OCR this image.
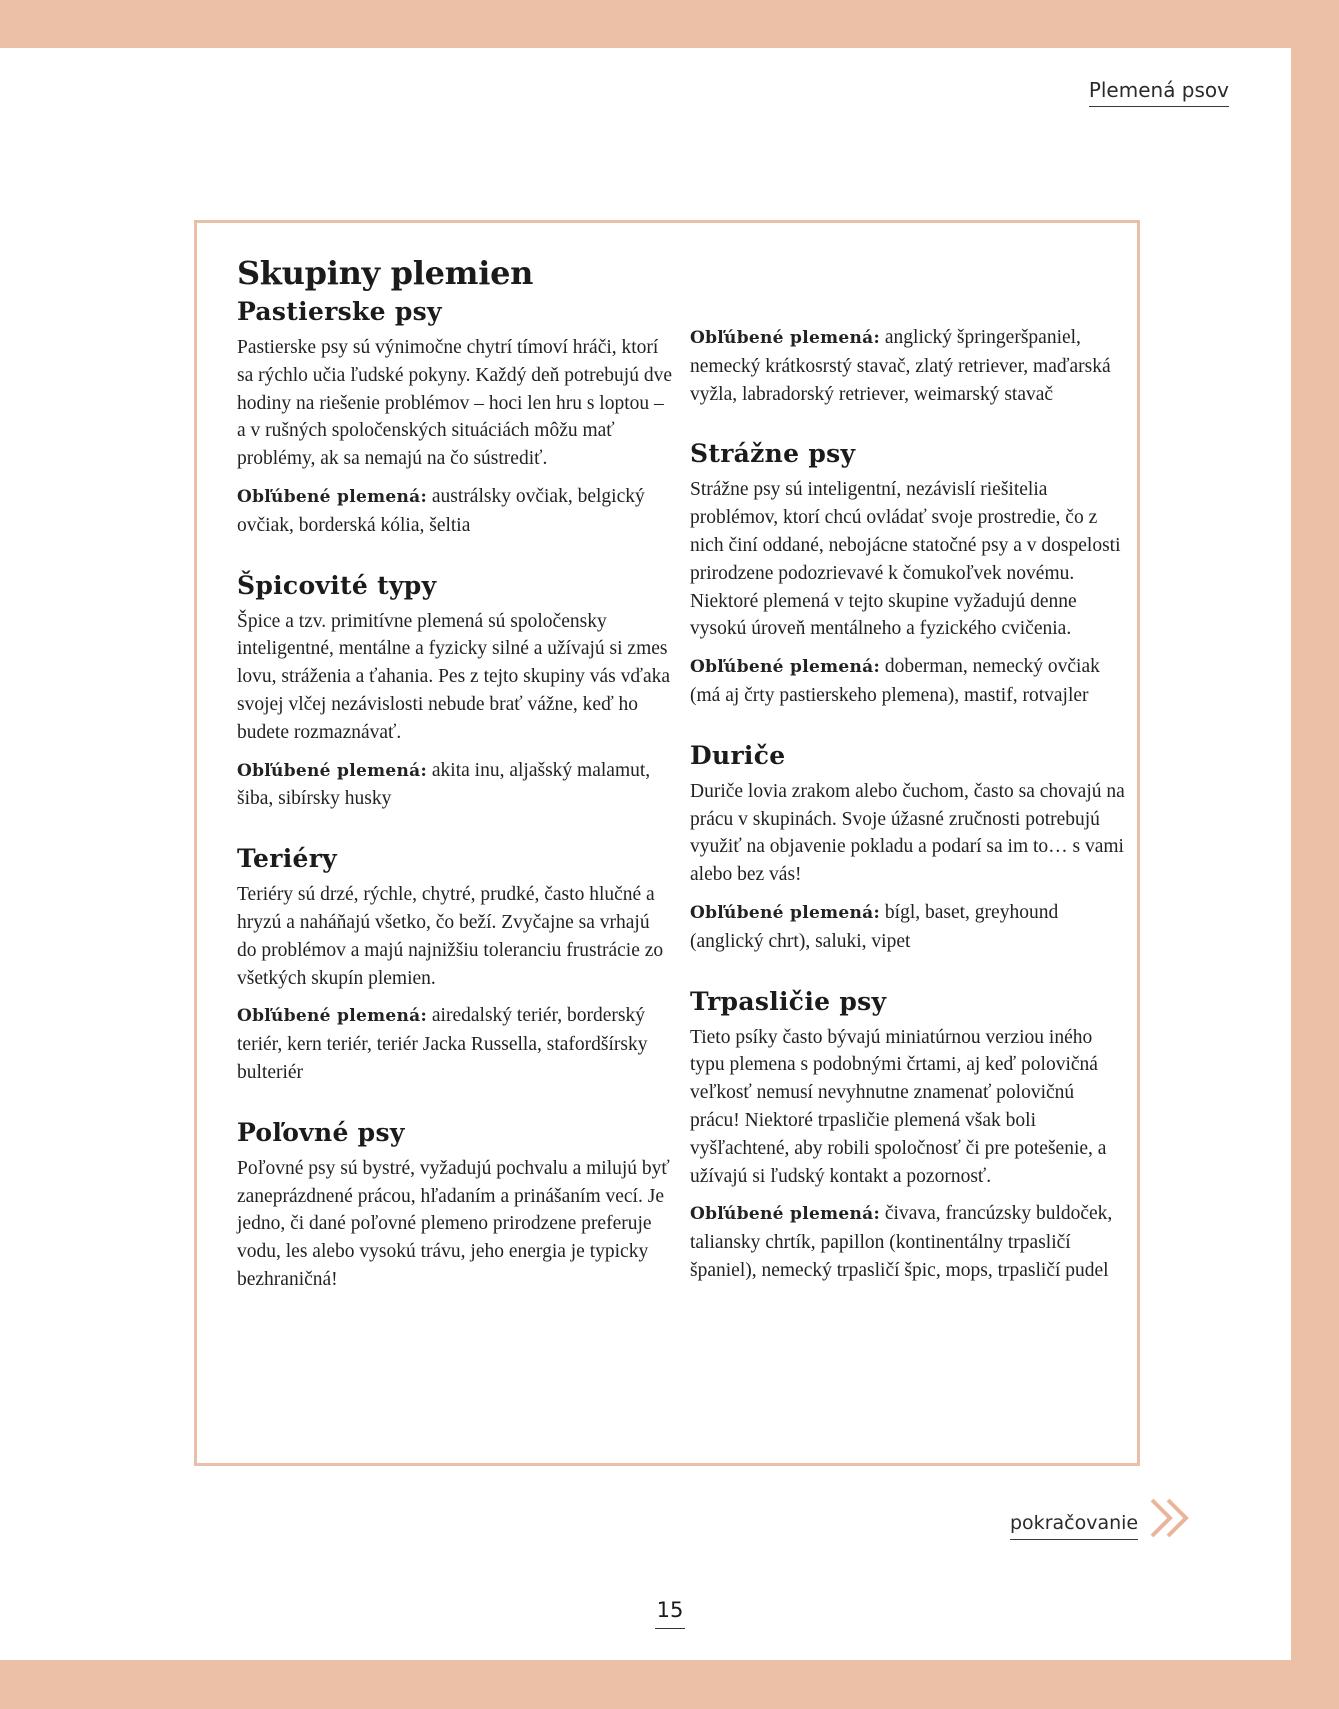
Plemená psov
Skupiny plemien
Pastierske psy

Pastierske psy sú výnimočne chytrí tímoví hráči, ktorí sa rýchlo učia ľudské pokyny. Každý deň potrebujú dve hodiny na riešenie problémov – hoci len hru s loptou – a v rušných spoločenských situáciách môžu mať problémy, ak sa nemajú na čo sústrediť.

Obľúbené plemená: austrálsky ovčiak, belgický ovčiak, borderská kólia, šeltia

Špicovité typy

Špice a tzv. primitívne plemená sú spoločensky inteligentné, mentálne a fyzicky silné a užívajú si zmes lovu, stráženia a ťahania. Pes z tejto skupiny vás vďaka svojej vlčej nezávislosti nebude brať vážne, keď ho budete rozmaznávať.

Obľúbené plemená: akita inu, aljašský malamut, šiba, sibírsky husky

Teriéry

Teriéry sú drzé, rýchle, chytré, prudké, často hlučné a hryzú a naháňajú všetko, čo beží. Zvyčajne sa vrhajú do problémov a majú najnižšiu toleranciu frustrácie zo všetkých skupín plemien.

Obľúbené plemená: airedalský teriér, borderský teriér, kern teriér, teriér Jacka Russella, stafordšírsky bulteriér

Poľovné psy

Poľovné psy sú bystré, vyžadujú pochvalu a milujú byť zaneprázdnené prácou, hľadaním a prinášaním vecí. Je jedno, či dané poľovné plemeno prirodzene preferuje vodu, les alebo vysokú trávu, jeho energia je typicky bezhraničná!

Obľúbené plemená: anglický špringeršpaniel, nemecký krátkosrstý stavač, zlatý retriever, maďarská vyžla, labradorský retriever, weimarský stavač

Strážne psy

Strážne psy sú inteligentní, nezávislí riešitelia problémov, ktorí chcú ovládať svoje prostredie, čo z nich činí oddané, nebojácne statočné psy a v dospelosti prirodzene podozrievavé k čomukoľvek novému. Niektoré plemená v tejto skupine vyžadujú denne vysokú úroveň mentálneho a fyzického cvičenia.

Obľúbené plemená: doberman, nemecký ovčiak (má aj črty pastierskeho plemena), mastif, rotvajler

Duriče

Duriče lovia zrakom alebo čuchom, často sa chovajú na prácu v skupinách. Svoje úžasné zručnosti potrebujú využiť na objavenie pokladu a podarí sa im to… s vami alebo bez vás!

Obľúbené plemená: bígl, baset, greyhound (anglický chrt), saluki, vipet

Trpasličie psy

Tieto psíky často bývajú miniatúrnou verziou iného typu plemena s podobnými črtami, aj keď polovičná veľkosť nemusí nevyhnutne znamenať polovičnú prácu! Niektoré trpasličie plemená však boli vyšľachtené, aby robili spoločnosť či pre potešenie, a užívajú si ľudský kontakt a pozornosť.

Obľúbené plemená: čivava, francúzsky buldoček, taliansky chrtík, papillon (kontinentálny trpasličí španiel), nemecký trpasličí špic, mops, trpasličí pudel

pokračovanie
15
